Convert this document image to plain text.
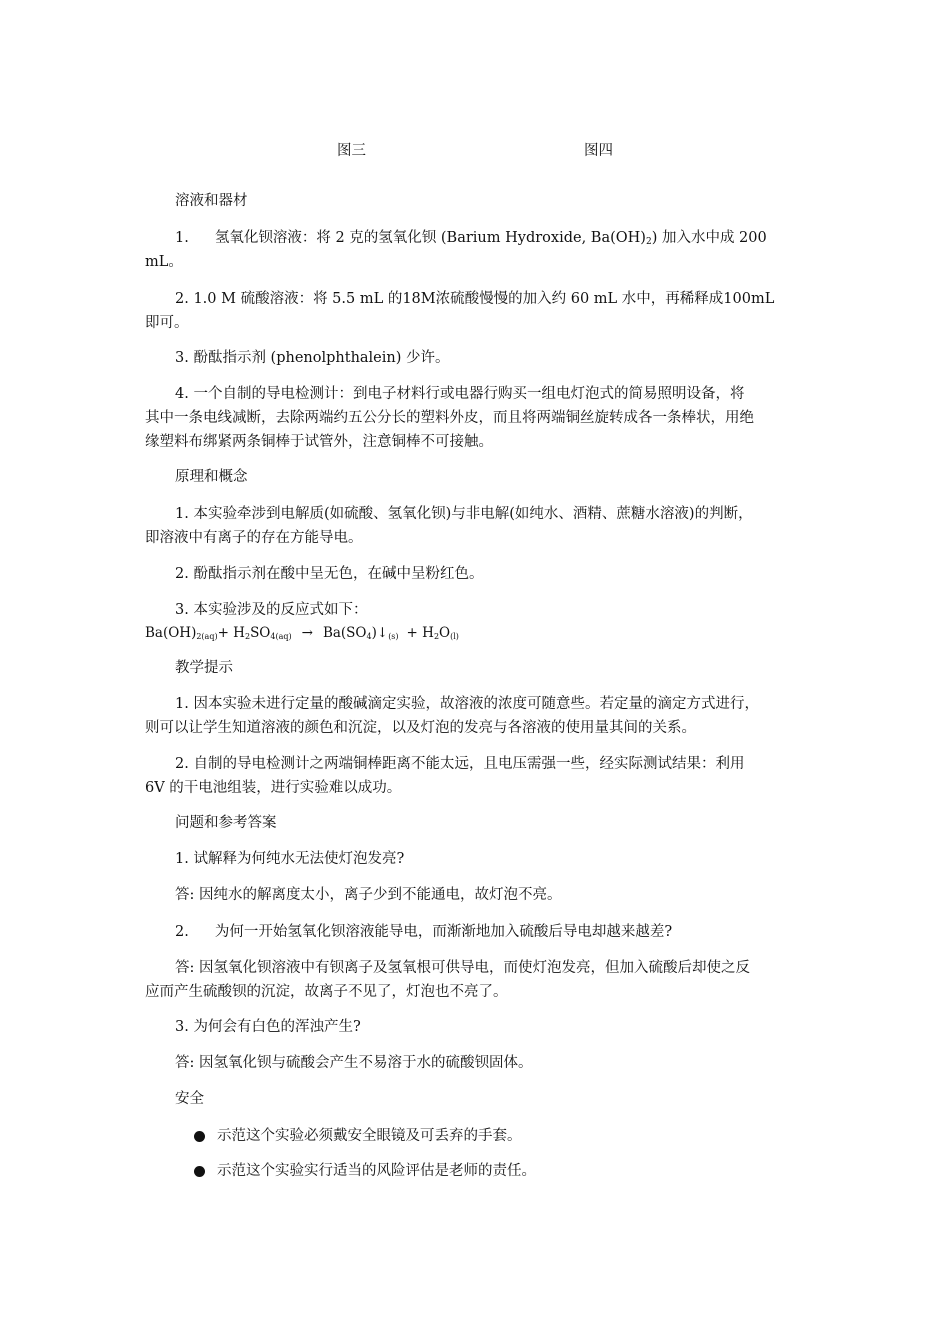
图三	图四
溶液和器材
1. 氢氧化钡溶液：将 2 克的氢氧化钡 (Barium Hydroxide, $Ba(OH)_2$) 加入水中成 200
mL。
2. 1.0 M 硫酸溶液：将 5.5 mL 的18M浓硫酸慢慢的加入约 60 mL 水中，再稀释成100mL
即可。
3. 酚酞指示剂 (phenolphthalein) 少许。
4. 一个自制的导电检测计：到电子材料行或电器行购买一组电灯泡式的简易照明设备，将
其中一条电线减断，去除两端约五公分长的塑料外皮，而且将两端铜丝旋转成各一条棒状，用绝
缘塑料布绑紧两条铜棒于试管外，注意铜棒不可接触。
原理和概念
1. 本实验牵涉到电解质(如硫酸、氢氧化钡)与非电解(如纯水、酒精、蔗糖水溶液)的判断，
即溶液中有离子的存在方能导电。
2. 酚酞指示剂在酸中呈无色，在碱中呈粉红色。
3. 本实验涉及的反应式如下：
Ba(OH)2(aq)+ H2SO4(aq) → Ba(SO4)↓(s) + H2O(l)
教学提示
1. 因本实验未进行定量的酸碱滴定实验，故溶液的浓度可随意些。若定量的滴定方式进行，
则可以让学生知道溶液的颜色和沉淀，以及灯泡的发亮与各溶液的使用量其间的关系。
2. 自制的导电检测计之两端铜棒距离不能太远，且电压需强一些，经实际测试结果：利用
6V 的干电池组装，进行实验难以成功。
问题和参考答案
1. 试解释为何纯水无法使灯泡发亮?
答: 因纯水的解离度太小，离子少到不能通电，故灯泡不亮。
2. 为何一开始氢氧化钡溶液能导电，而渐渐地加入硫酸后导电却越来越差?
答: 因氢氧化钡溶液中有钡离子及氢氧根可供导电，而使灯泡发亮，但加入硫酸后却使之反
应而产生硫酸钡的沉淀，故离子不见了，灯泡也不亮了。
3. 为何会有白色的浑浊产生?
答: 因氢氧化钡与硫酸会产生不易溶于水的硫酸钡固体。
安全
示范这个实验必须戴安全眼镜及可丢弃的手套。
示范这个实验实行适当的风险评估是老师的责任。
